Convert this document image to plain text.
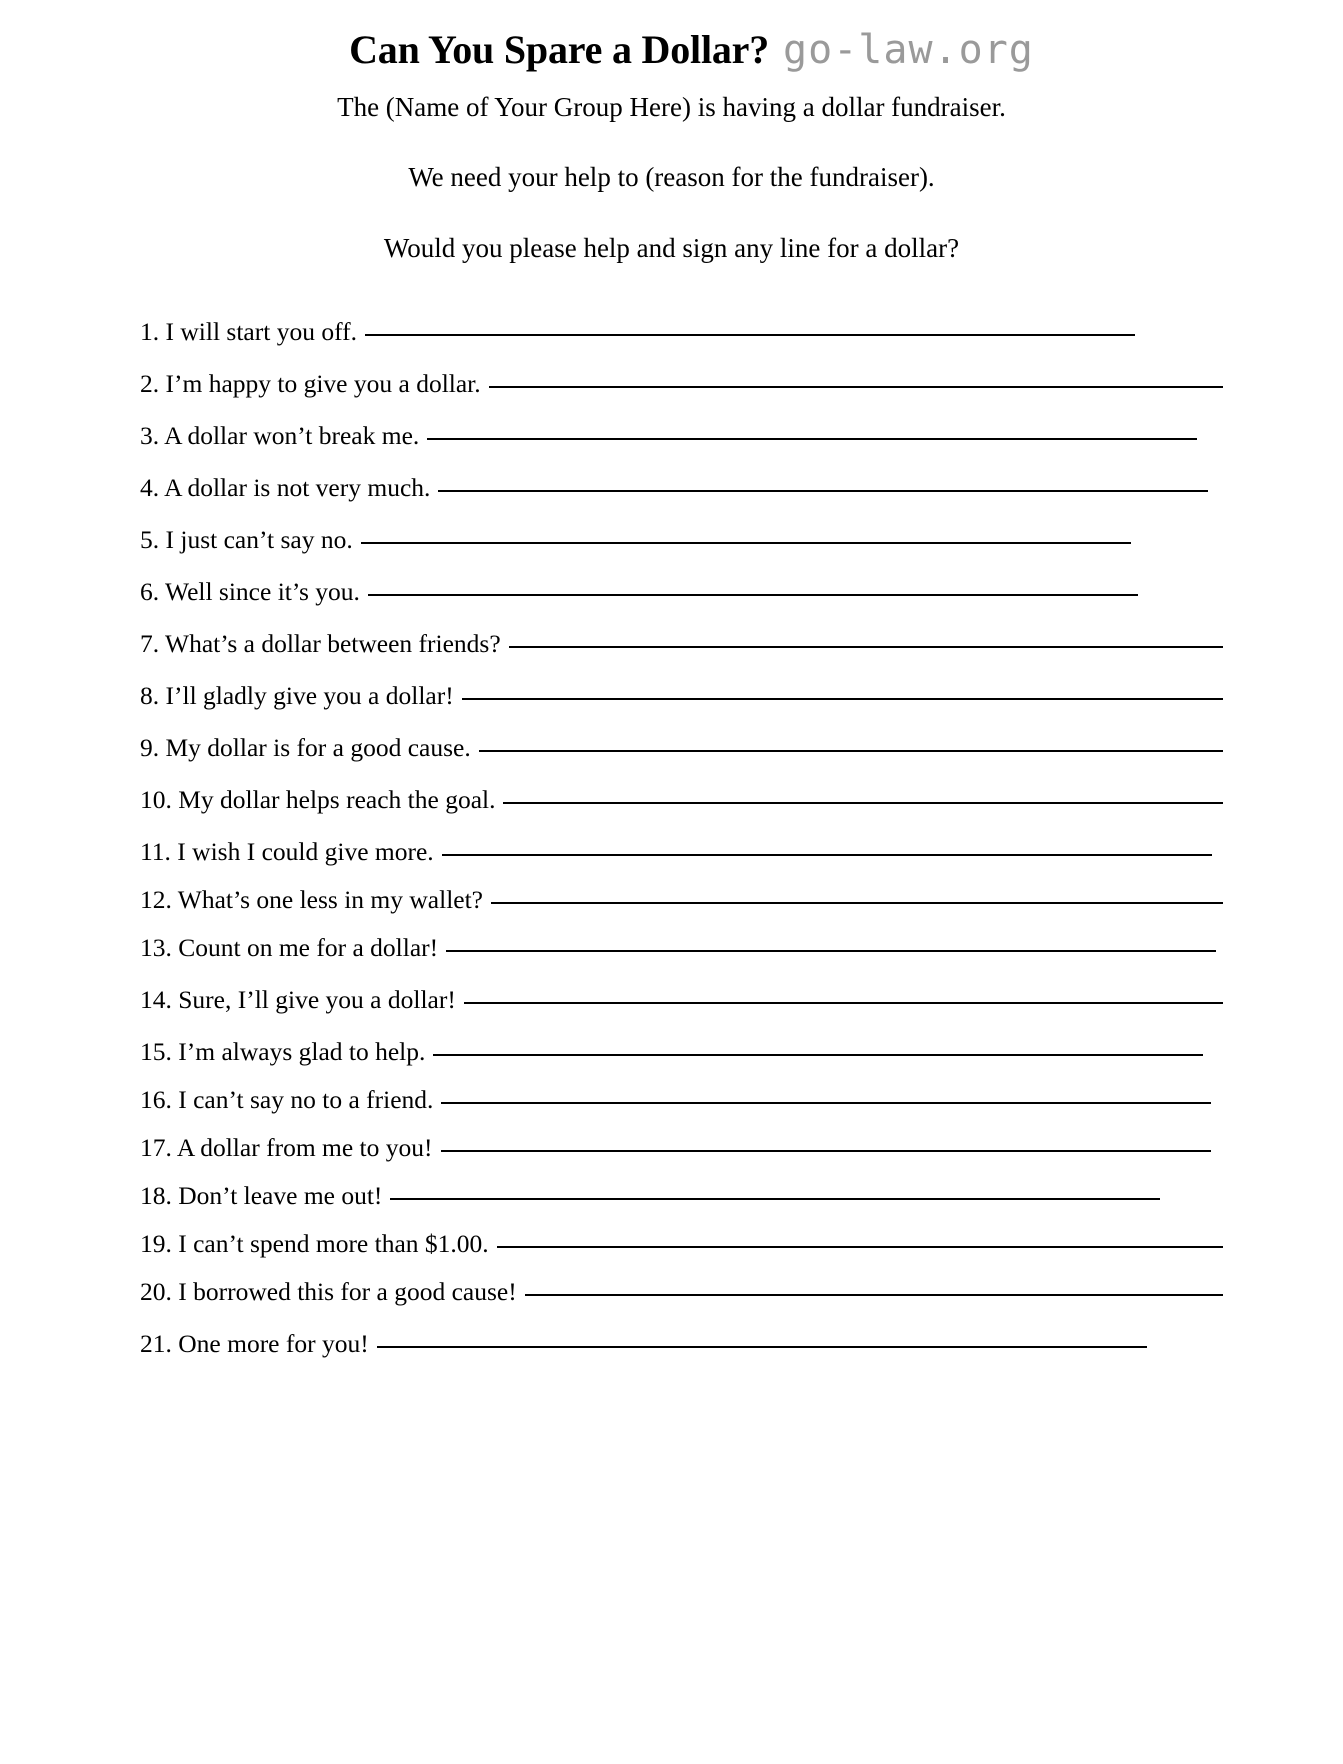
Can You Spare a Dollar? go-law.org

The (Name of Your Group Here) is having a dollar fundraiser.

We need your help to (reason for the fundraiser).

Would you please help and sign any line for a dollar?

1. I will start you off.
2. I’m happy to give you a dollar.
3. A dollar won’t break me.
4. A dollar is not very much.
5. I just can’t say no.
6. Well since it’s you.
7. What’s a dollar between friends?
8. I’ll gladly give you a dollar!
9. My dollar is for a good cause.
10. My dollar helps reach the goal.
11. I wish I could give more.
12. What’s one less in my wallet?
13. Count on me for a dollar!
14. Sure, I’ll give you a dollar!
15. I’m always glad to help.
16. I can’t say no to a friend.
17. A dollar from me to you!
18. Don’t leave me out!
19. I can’t spend more than $1.00.
20. I borrowed this for a good cause!
21. One more for you!
